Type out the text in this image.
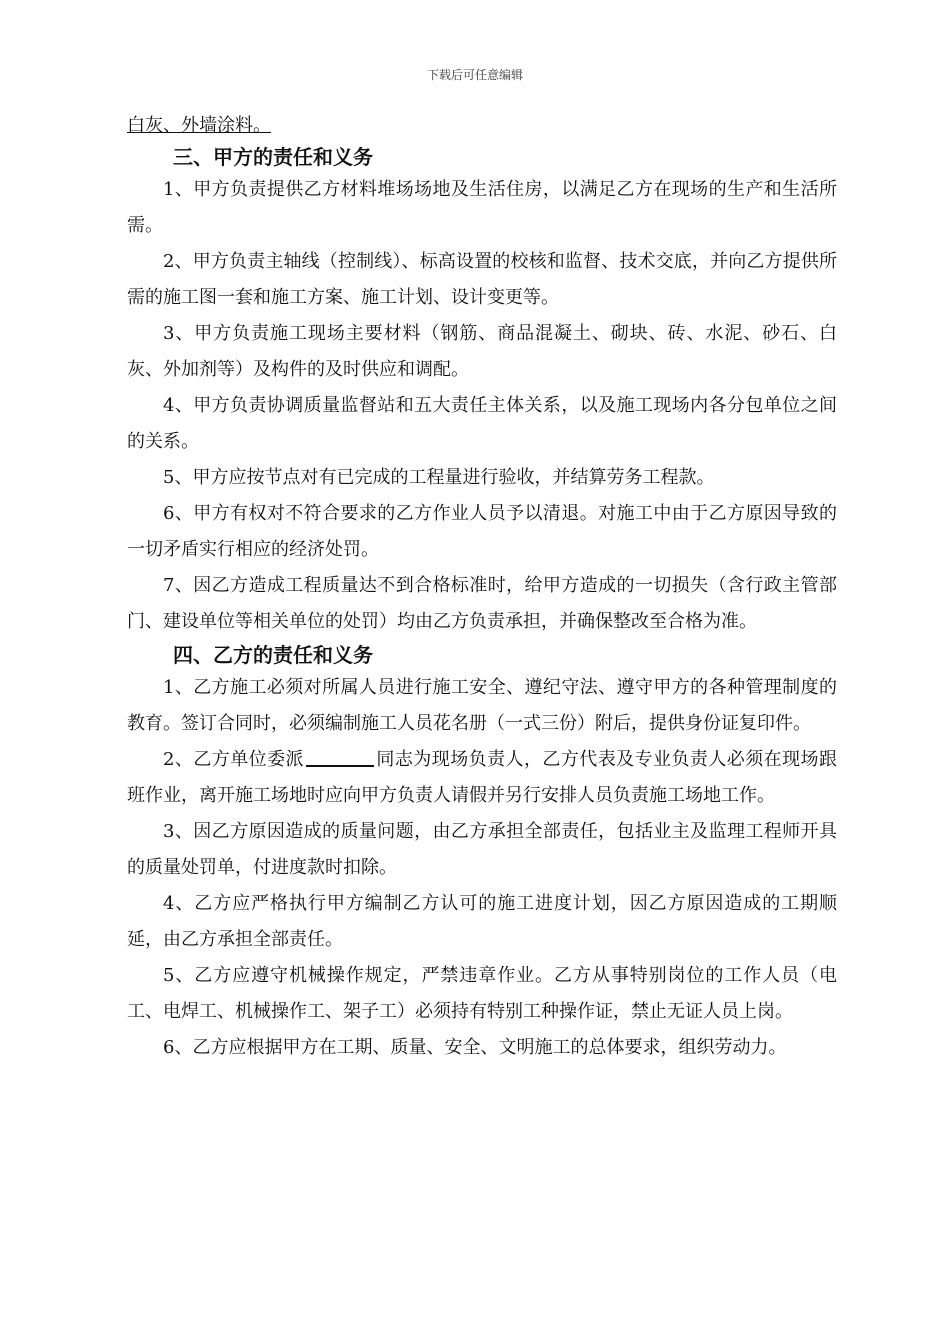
下载后可任意编辑
白灰、外墙涂料。
三、甲方的责任和义务

1、甲方负责提供乙方材料堆场场地及生活住房，以满足乙方在现场的生产和生活所需。

2、甲方负责主轴线（控制线）、标高设置的校核和监督、技术交底，并向乙方提供所需的施工图一套和施工方案、施工计划、设计变更等。

3、甲方负责施工现场主要材料（钢筋、商品混凝土、砌块、砖、水泥、砂石、白灰、外加剂等）及构件的及时供应和调配。

4、甲方负责协调质量监督站和五大责任主体关系，以及施工现场内各分包单位之间的关系。

5、甲方应按节点对有已完成的工程量进行验收，并结算劳务工程款。

6、甲方有权对不符合要求的乙方作业人员予以清退。对施工中由于乙方原因导致的一切矛盾实行相应的经济处罚。

7、因乙方造成工程质量达不到合格标准时，给甲方造成的一切损失（含行政主管部门、建设单位等相关单位的处罚）均由乙方负责承担，并确保整改至合格为准。

四、乙方的责任和义务

1、乙方施工必须对所属人员进行施工安全、遵纪守法、遵守甲方的各种管理制度的教育。签订合同时，必须编制施工人员花名册（一式三份）附后，提供身份证复印件。

2、乙方单位委派	同志为现场负责人，乙方代表及专业负责人必须在现场跟班作业，离开施工场地时应向甲方负责人请假并另行安排人员负责施工场地工作。

3、因乙方原因造成的质量问题，由乙方承担全部责任，包括业主及监理工程师开具的质量处罚单，付进度款时扣除。

4、乙方应严格执行甲方编制乙方认可的施工进度计划，因乙方原因造成的工期顺延，由乙方承担全部责任。

5、乙方应遵守机械操作规定，严禁违章作业。乙方从事特别岗位的工作人员（电工、电焊工、机械操作工、架子工）必须持有特别工种操作证，禁止无证人员上岗。

6、乙方应根据甲方在工期、质量、安全、文明施工的总体要求，组织劳动力。
